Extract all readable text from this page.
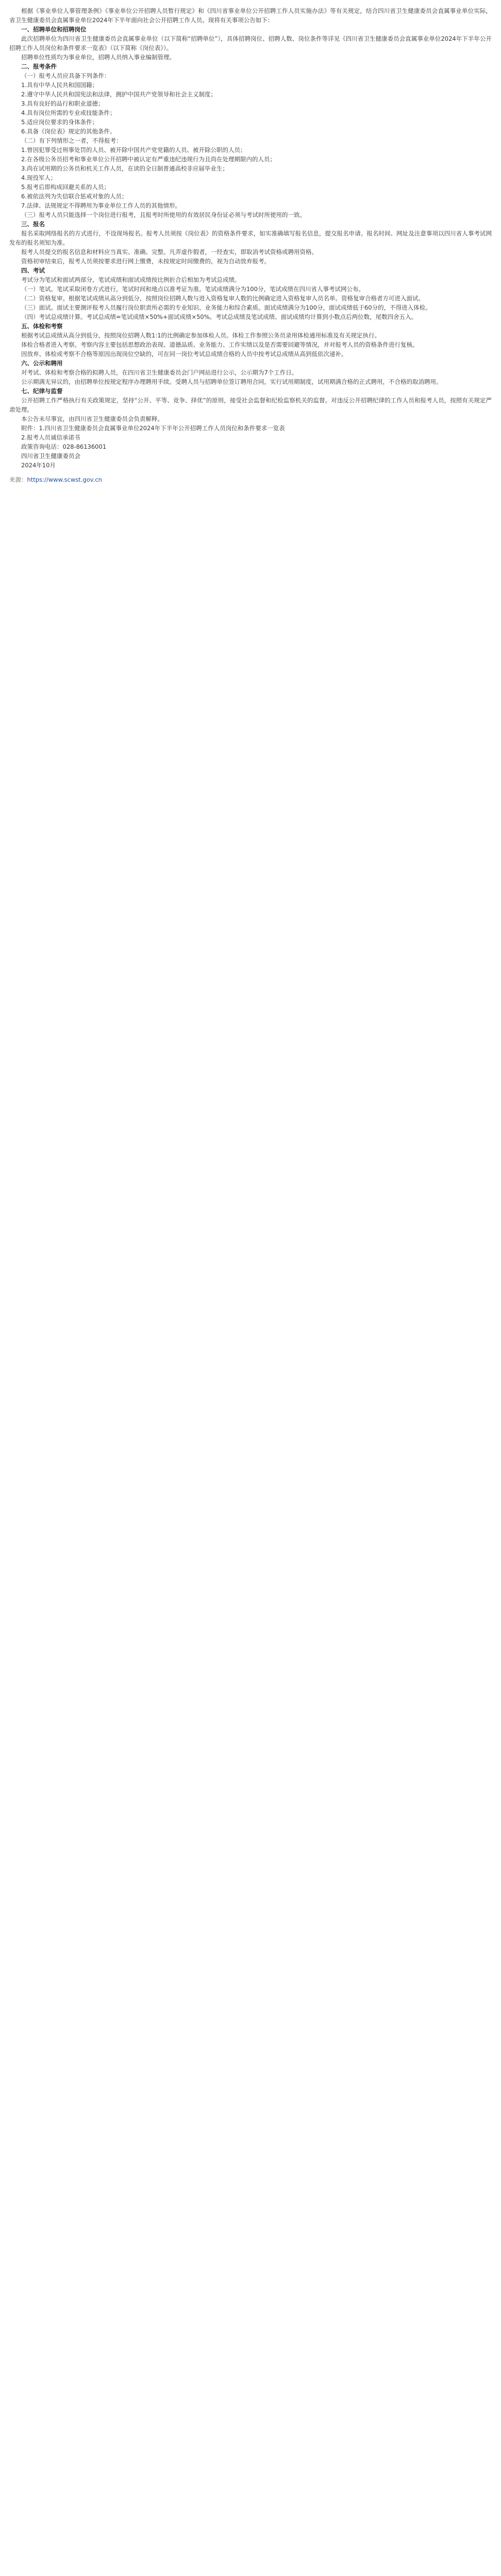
根据《事业单位人事管理条例》《事业单位公开招聘人员暂行规定》和《四川省事业单位公开招聘工作人员实施办法》等有关规定，结合四川省卫生健康委员会直属事业单位实际，省卫生健康委员会直属事业单位2024年下半年面向社会公开招聘工作人员。现将有关事项公告如下：

一、招聘单位和招聘岗位

此次招聘单位为四川省卫生健康委员会直属事业单位（以下简称“招聘单位”），具体招聘岗位、招聘人数、岗位条件等详见《四川省卫生健康委员会直属事业单位2024年下半年公开招聘工作人员岗位和条件要求一览表》（以下简称《岗位表》）。

招聘单位性质均为事业单位，招聘人员纳入事业编制管理。

二、报考条件

（一）报考人员应具备下列条件：

1.具有中华人民共和国国籍；

2.遵守中华人民共和国宪法和法律，拥护中国共产党领导和社会主义制度；

3.具有良好的品行和职业道德；

4.具有岗位所需的专业或技能条件；

5.适应岗位要求的身体条件；

6.具备《岗位表》规定的其他条件。

（二）有下列情形之一者，不得报考：

1.曾因犯罪受过刑事处罚的人员、被开除中国共产党党籍的人员、被开除公职的人员；

2.在各级公务员招考和事业单位公开招聘中被认定有严重违纪违规行为且尚在处理期限内的人员；

3.尚在试用期的公务员和机关工作人员，在读的全日制普通高校非应届毕业生；

4.现役军人；

5.报考后即构成回避关系的人员；

6.被依法列为失信联合惩戒对象的人员；

7.法律、法规规定不得聘用为事业单位工作人员的其他情形。

（三）报考人员只能选择一个岗位进行报考，且报考时所使用的有效居民身份证必须与考试时所使用的一致。

三、报名

报名采取网络报名的方式进行，不设现场报名。报考人员须按《岗位表》的资格条件要求，如实准确填写报名信息，提交报名申请。报名时间、网址及注意事项以四川省人事考试网发布的报名须知为准。

报考人员提交的报名信息和材料应当真实、准确、完整。凡弄虚作假者，一经查实，即取消考试资格或聘用资格。

资格初审结束后，报考人员须按要求进行网上缴费，未按规定时间缴费的，视为自动放弃报考。

四、考试

考试分为笔试和面试两部分，笔试成绩和面试成绩按比例折合后相加为考试总成绩。

（一）笔试。笔试采取闭卷方式进行，笔试时间和地点以准考证为准。笔试成绩满分为100分，笔试成绩在四川省人事考试网公布。

（二）资格复审。根据笔试成绩从高分到低分，按照岗位招聘人数与进入资格复审人数的比例确定进入资格复审人员名单。资格复审合格者方可进入面试。

（三）面试。面试主要测评报考人员履行岗位职责所必需的专业知识、业务能力和综合素质。面试成绩满分为100分，面试成绩低于60分的，不得进入体检。

（四）考试总成绩计算。考试总成绩=笔试成绩×50%+面试成绩×50%。考试总成绩及笔试成绩、面试成绩均计算到小数点后两位数，尾数四舍五入。

五、体检和考察

根据考试总成绩从高分到低分，按照岗位招聘人数1:1的比例确定参加体检人员。体检工作参照公务员录用体检通用标准及有关规定执行。

体检合格者进入考察。考察内容主要包括思想政治表现、道德品质、业务能力、工作实绩以及是否需要回避等情况，并对报考人员的资格条件进行复核。

因放弃、体检或考察不合格等原因出现岗位空缺的，可在同一岗位考试总成绩合格的人员中按考试总成绩从高到低依次递补。

六、公示和聘用

对考试、体检和考察合格的拟聘人员，在四川省卫生健康委员会门户网站进行公示，公示期为7个工作日。

公示期满无异议的，由招聘单位按规定程序办理聘用手续。受聘人员与招聘单位签订聘用合同，实行试用期制度，试用期满合格的正式聘用，不合格的取消聘用。

七、纪律与监督

公开招聘工作严格执行有关政策规定，坚持“公开、平等、竞争、择优”的原则，接受社会监督和纪检监察机关的监督。对违反公开招聘纪律的工作人员和报考人员，按照有关规定严肃处理。

本公告未尽事宜，由四川省卫生健康委员会负责解释。

附件：1.四川省卫生健康委员会直属事业单位2024年下半年公开招聘工作人员岗位和条件要求一览表

2.报考人员诚信承诺书

政策咨询电话：028-86136001

四川省卫生健康委员会

2024年10月

来源：https://www.scwst.gov.cn
